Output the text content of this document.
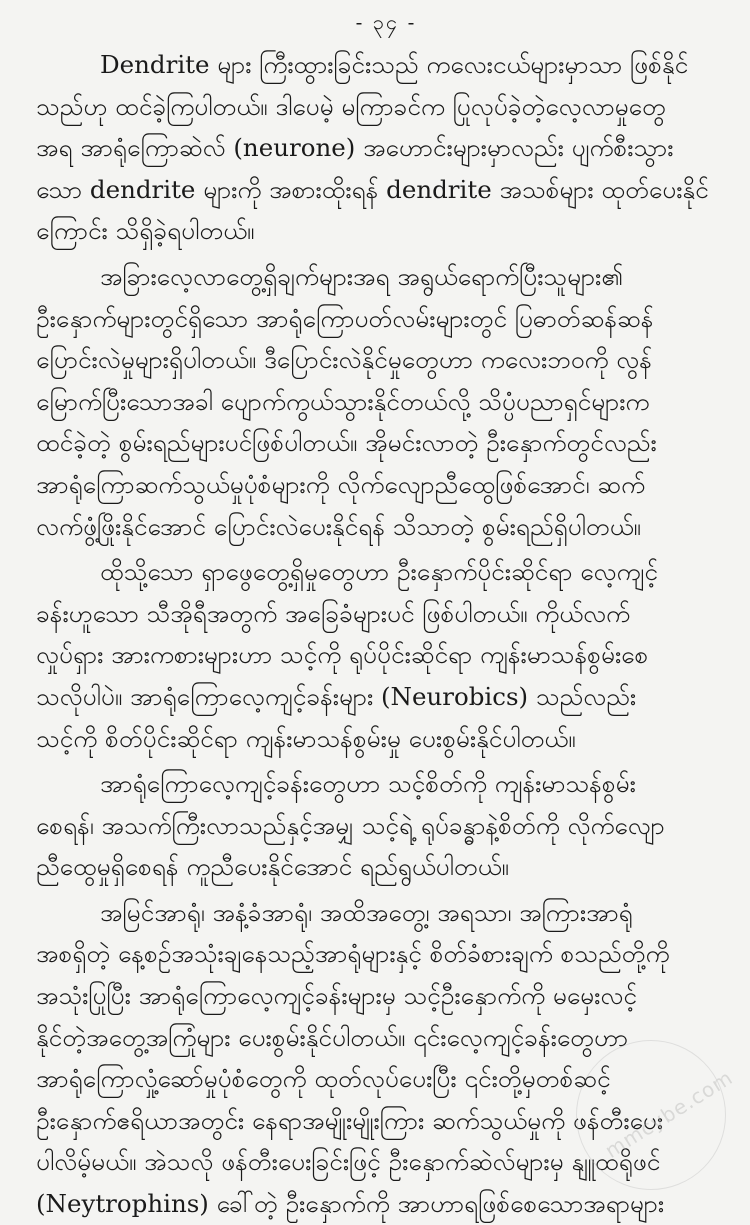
- ၃၄ -

Dendrite များ ကြီးထွားခြင်းသည် ကလေးငယ်များမှာသာ ဖြစ်နိုင်
သည်ဟု ထင်ခဲ့ကြပါတယ်။ ဒါပေမဲ့ မကြာခင်က ပြုလုပ်ခဲ့တဲ့လေ့လာမှုတွေ
အရ အာရုံကြောဆဲလ် (neurone) အဟောင်းများမှာလည်း ပျက်စီးသွား
သော dendrite များကို အစားထိုးရန် dendrite အသစ်များ ထုတ်ပေးနိုင်
ကြောင်း သိရှိခဲ့ရပါတယ်။

အခြားလေ့လာတွေ့ရှိချက်များအရ အရွယ်ရောက်ပြီးသူများ၏
ဦးနှောက်များတွင်ရှိသော အာရုံကြောပတ်လမ်းများတွင် ပြဓာတ်ဆန်ဆန်
ပြောင်းလဲမှုများရှိပါတယ်။ ဒီပြောင်းလဲနိုင်မှုတွေဟာ ကလေးဘဝကို လွန်
မြောက်ပြီးသောအခါ ပျောက်ကွယ်သွားနိုင်တယ်လို့ သိပ္ပံပညာရှင်များက
ထင်ခဲ့တဲ့ စွမ်းရည်များပင်ဖြစ်ပါတယ်။ အိုမင်းလာတဲ့ ဦးနှောက်တွင်လည်း
အာရုံကြောဆက်သွယ်မှုပုံစံများကို လိုက်လျောညီထွေဖြစ်အောင်၊ ဆက်
လက်ဖွံ့ဖြိုးနိုင်အောင် ပြောင်းလဲပေးနိုင်ရန် သိသာတဲ့ စွမ်းရည်ရှိပါတယ်။

ထိုသို့သော ရှာဖွေတွေ့ရှိမှုတွေဟာ ဦးနှောက်ပိုင်းဆိုင်ရာ လေ့ကျင့်
ခန်းဟူသော သီအိုရီအတွက် အခြေခံများပင် ဖြစ်ပါတယ်။ ကိုယ်လက်
လှုပ်ရှား အားကစားများဟာ သင့်ကို ရုပ်ပိုင်းဆိုင်ရာ ကျန်းမာသန်စွမ်းစေ
သလိုပါပဲ။ အာရုံကြောလေ့ကျင့်ခန်းများ (Neurobics) သည်လည်း
သင့်ကို စိတ်ပိုင်းဆိုင်ရာ ကျန်းမာသန်စွမ်းမှု ပေးစွမ်းနိုင်ပါတယ်။

အာရုံကြောလေ့ကျင့်ခန်းတွေဟာ သင့်စိတ်ကို ကျန်းမာသန်စွမ်း
စေရန်၊ အသက်ကြီးလာသည်နှင့်အမျှ သင့်ရဲ့ ရုပ်ခန္ဓာနဲ့စိတ်ကို လိုက်လျော
ညီထွေမှုရှိစေရန် ကူညီပေးနိုင်အောင် ရည်ရွယ်ပါတယ်။

အမြင်အာရုံ၊ အနံ့ခံအာရုံ၊ အထိအတွေ့၊ အရသာ၊ အကြားအာရုံ
အစရှိတဲ့ နေ့စဉ်အသုံးချနေသည့်အာရုံများနှင့် စိတ်ခံစားချက် စသည်တို့ကို
အသုံးပြုပြီး အာရုံကြောလေ့ကျင့်ခန်းများမှ သင့်ဦးနှောက်ကို မမှေးလင့်
နိုင်တဲ့အတွေ့အကြုံများ ပေးစွမ်းနိုင်ပါတယ်။ ၎င်းလေ့ကျင့်ခန်းတွေဟာ
အာရုံကြောလှုံ့ဆော်မှုပုံစံတွေကို ထုတ်လုပ်ပေးပြီး ၎င်းတို့မှတစ်ဆင့်
ဦးနှောက်ဧရိယာအတွင်း နေရာအမျိုးမျိုးကြား ဆက်သွယ်မှုကို ဖန်တီးပေး
ပါလိမ့်မယ်။ အဲသလို ဖန်တီးပေးခြင်းဖြင့် ဦးနှောက်ဆဲလ်များမှ နျူထရိုဖင်
(Neytrophins) ခေါ်တဲ့ ဦးနှောက်ကို အာဟာရဖြစ်စေသောအရာများ

mmcybe.com
